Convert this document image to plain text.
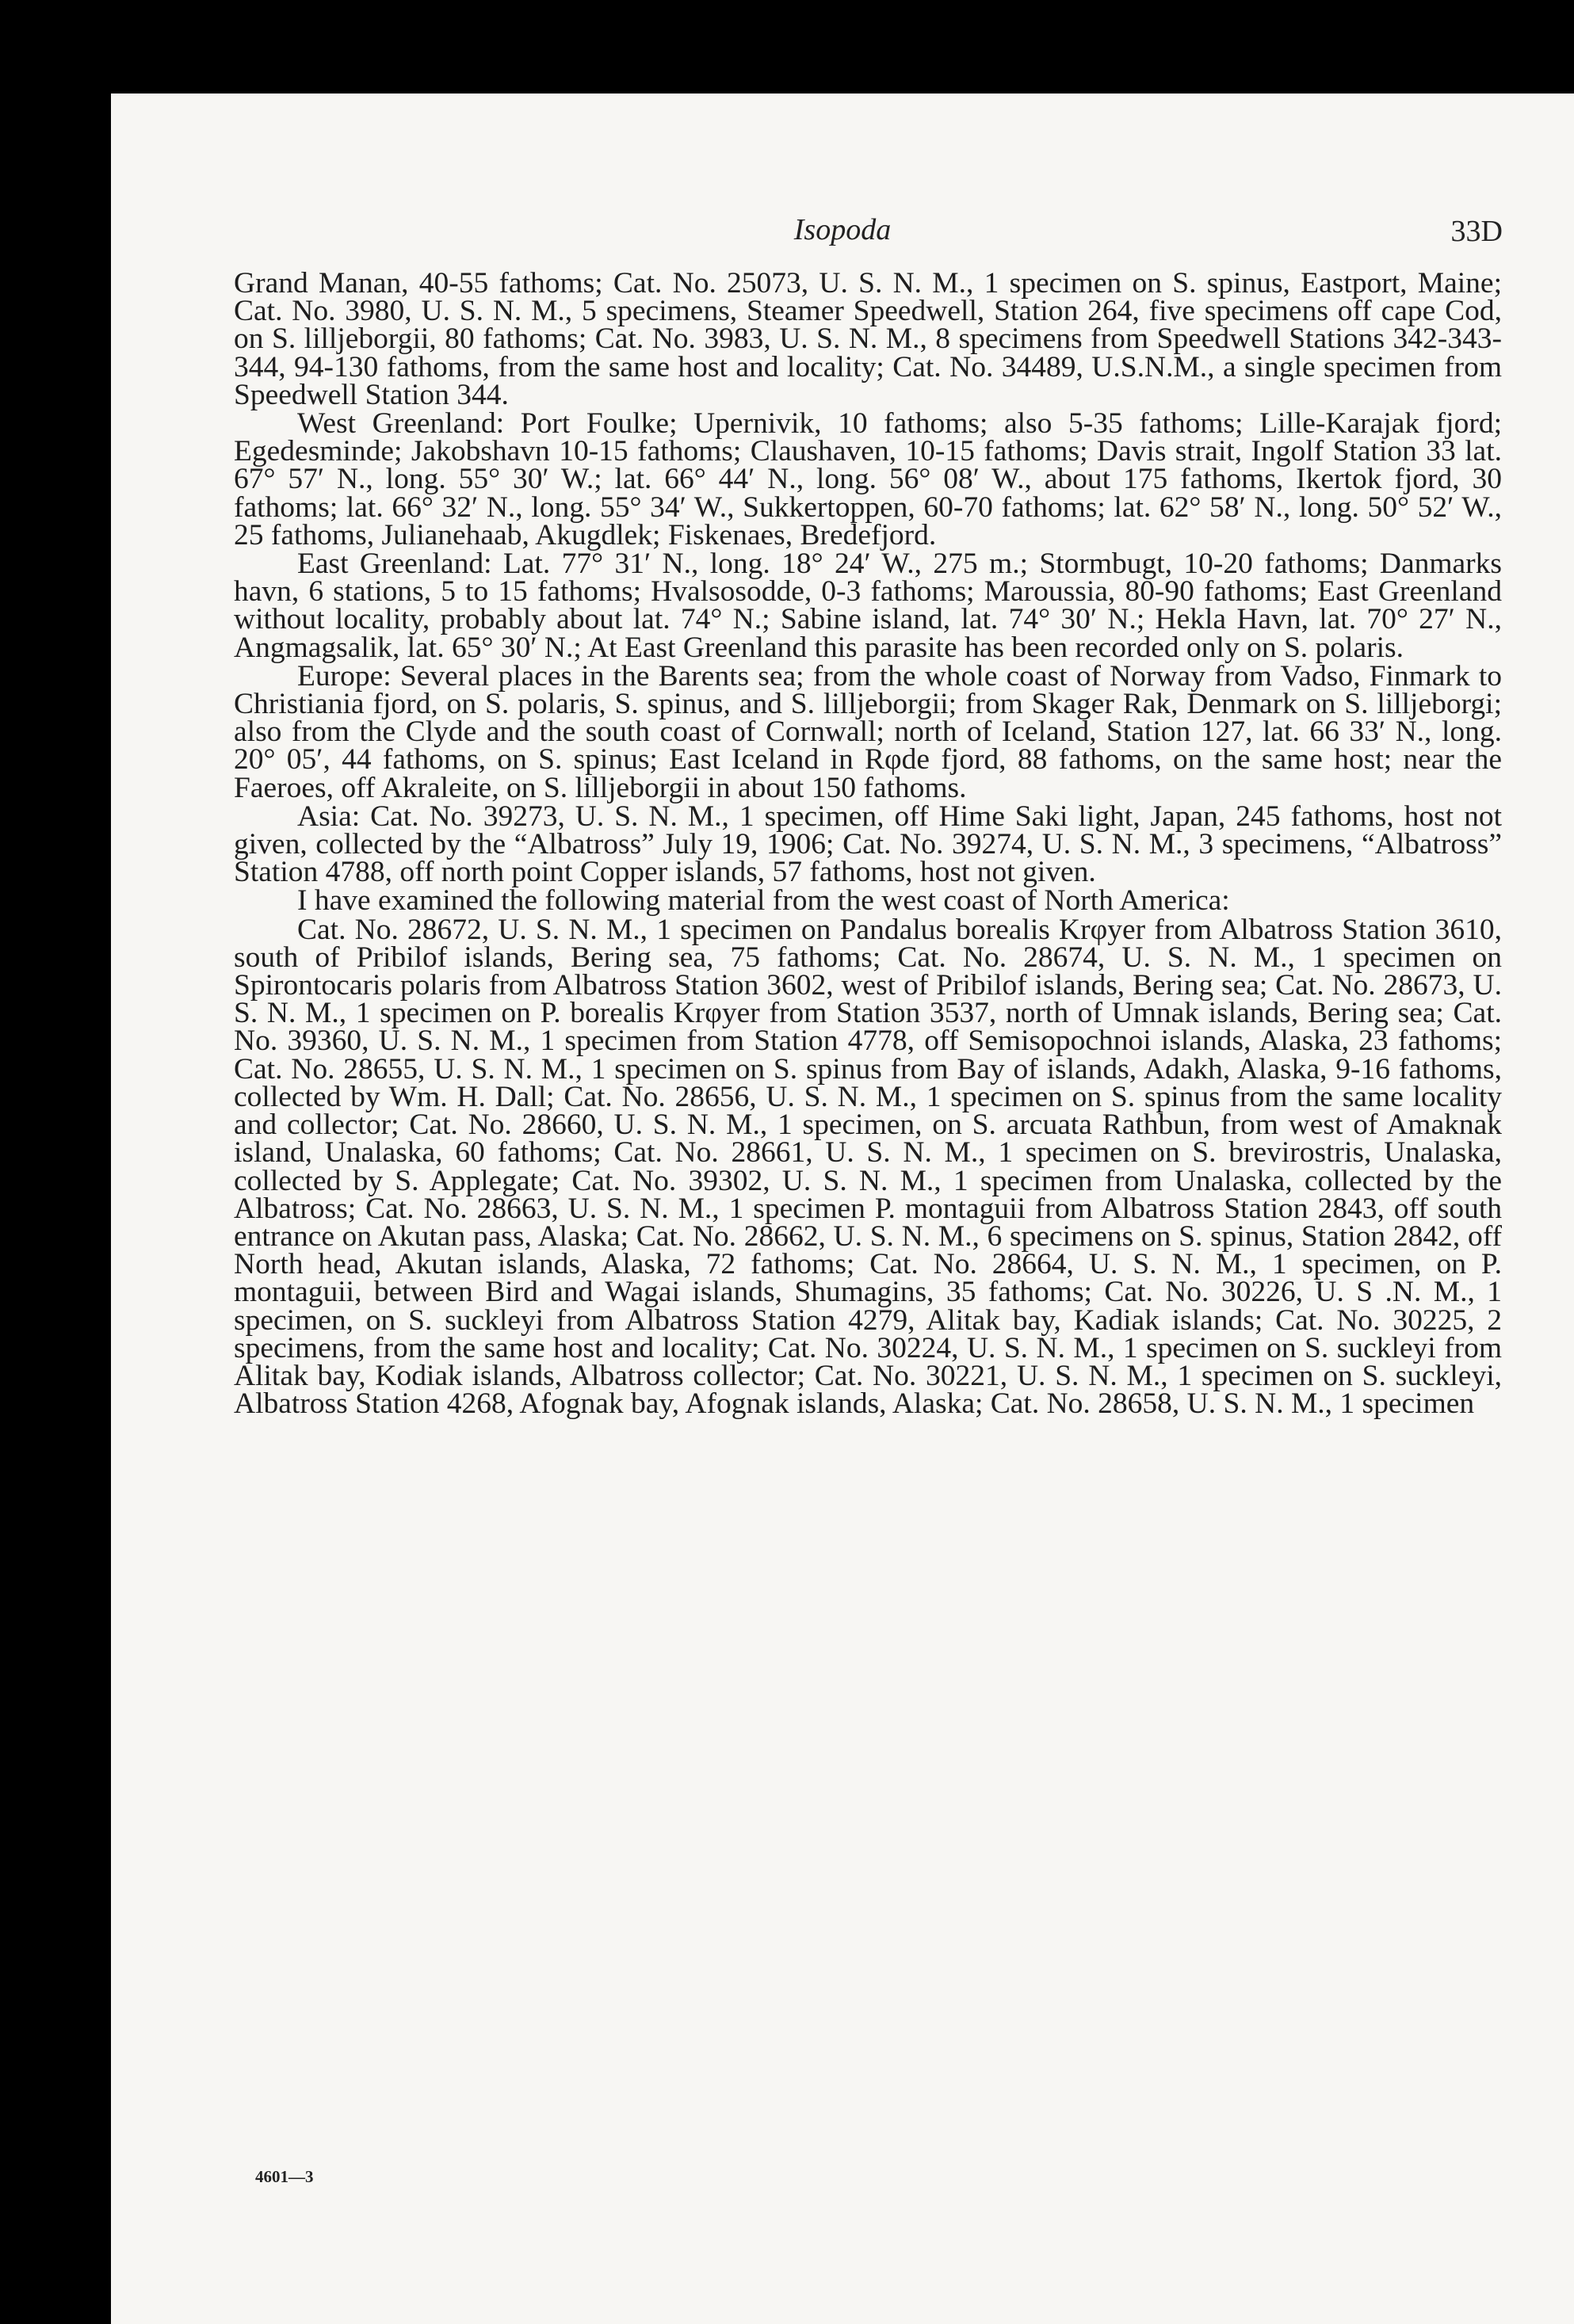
Isopoda	33D

Grand Manan, 40-55 fathoms; Cat. No. 25073, U. S. N. M., 1 specimen on S. spinus, Eastport, Maine; Cat. No. 3980, U. S. N. M., 5 specimens, Steamer Speedwell, Station 264, five specimens off cape Cod, on S. lilljeborgii, 80 fathoms; Cat. No. 3983, U. S. N. M., 8 specimens from Speedwell Stations 342-343-344, 94-130 fathoms, from the same host and locality; Cat. No. 34489, U.S.N.M., a single specimen from Speedwell Station 344.

West Greenland: Port Foulke; Upernivik, 10 fathoms; also 5-35 fathoms; Lille-Karajak fjord; Egedesminde; Jakobshavn 10-15 fathoms; Claushaven, 10-15 fathoms; Davis strait, Ingolf Station 33 lat. 67° 57′ N., long. 55° 30′ W.; lat. 66° 44′ N., long. 56° 08′ W., about 175 fathoms, Ikertok fjord, 30 fathoms; lat. 66° 32′ N., long. 55° 34′ W., Sukkertoppen, 60-70 fathoms; lat. 62° 58′ N., long. 50° 52′ W., 25 fathoms, Julianehaab, Akugdlek; Fiskenaes, Bredefjord.

East Greenland: Lat. 77° 31′ N., long. 18° 24′ W., 275 m.; Stormbugt, 10-20 fathoms; Danmarks havn, 6 stations, 5 to 15 fathoms; Hvalsosodde, 0-3 fathoms; Maroussia, 80-90 fathoms; East Greenland without locality, probably about lat. 74° N.; Sabine island, lat. 74° 30′ N.; Hekla Havn, lat. 70° 27′ N., Angmagsalik, lat. 65° 30′ N.; At East Greenland this parasite has been recorded only on S. polaris.

Europe: Several places in the Barents sea; from the whole coast of Norway from Vadso, Finmark to Christiania fjord, on S. polaris, S. spinus, and S. lilljeborgii; from Skager Rak, Denmark on S. lilljeborgi; also from the Clyde and the south coast of Cornwall; north of Iceland, Station 127, lat. 66 33′ N., long. 20° 05′, 44 fathoms, on S. spinus; East Iceland in Rφde fjord, 88 fathoms, on the same host; near the Faeroes, off Akraleite, on S. lilljeborgii in about 150 fathoms.

Asia: Cat. No. 39273, U. S. N. M., 1 specimen, off Hime Saki light, Japan, 245 fathoms, host not given, collected by the “Albatross” July 19, 1906; Cat. No. 39274, U. S. N. M., 3 specimens, “Albatross” Station 4788, off north point Copper islands, 57 fathoms, host not given.

I have examined the following material from the west coast of North America:

Cat. No. 28672, U. S. N. M., 1 specimen on Pandalus borealis Krφyer from Albatross Station 3610, south of Pribilof islands, Bering sea, 75 fathoms; Cat. No. 28674, U. S. N. M., 1 specimen on Spirontocaris polaris from Albatross Station 3602, west of Pribilof islands, Bering sea; Cat. No. 28673, U. S. N. M., 1 specimen on P. borealis Krφyer from Station 3537, north of Umnak islands, Bering sea; Cat. No. 39360, U. S. N. M., 1 specimen from Station 4778, off Semisopochnoi islands, Alaska, 23 fathoms; Cat. No. 28655, U. S. N. M., 1 specimen on S. spinus from Bay of islands, Adakh, Alaska, 9-16 fathoms, collected by Wm. H. Dall; Cat. No. 28656, U. S. N. M., 1 specimen on S. spinus from the same locality and collector; Cat. No. 28660, U. S. N. M., 1 specimen, on S. arcuata Rathbun, from west of Amaknak island, Unalaska, 60 fathoms; Cat. No. 28661, U. S. N. M., 1 specimen on S. brevirostris, Unalaska, collected by S. Applegate; Cat. No. 39302, U. S. N. M., 1 specimen from Unalaska, collected by the Albatross; Cat. No. 28663, U. S. N. M., 1 specimen P. montaguii from Albatross Station 2843, off south entrance on Akutan pass, Alaska; Cat. No. 28662, U. S. N. M., 6 specimens on S. spinus, Station 2842, off North head, Akutan islands, Alaska, 72 fathoms; Cat. No. 28664, U. S. N. M., 1 specimen, on P. montaguii, between Bird and Wagai islands, Shumagins, 35 fathoms; Cat. No. 30226, U. S .N. M., 1 specimen, on S. suckleyi from Albatross Station 4279, Alitak bay, Kadiak islands; Cat. No. 30225, 2 specimens, from the same host and locality; Cat. No. 30224, U. S. N. M., 1 specimen on S. suckleyi from Alitak bay, Kodiak islands, Albatross collector; Cat. No. 30221, U. S. N. M., 1 specimen on S. suckleyi, Albatross Station 4268, Afognak bay, Afognak islands, Alaska; Cat. No. 28658, U. S. N. M., 1 specimen

4601—3
